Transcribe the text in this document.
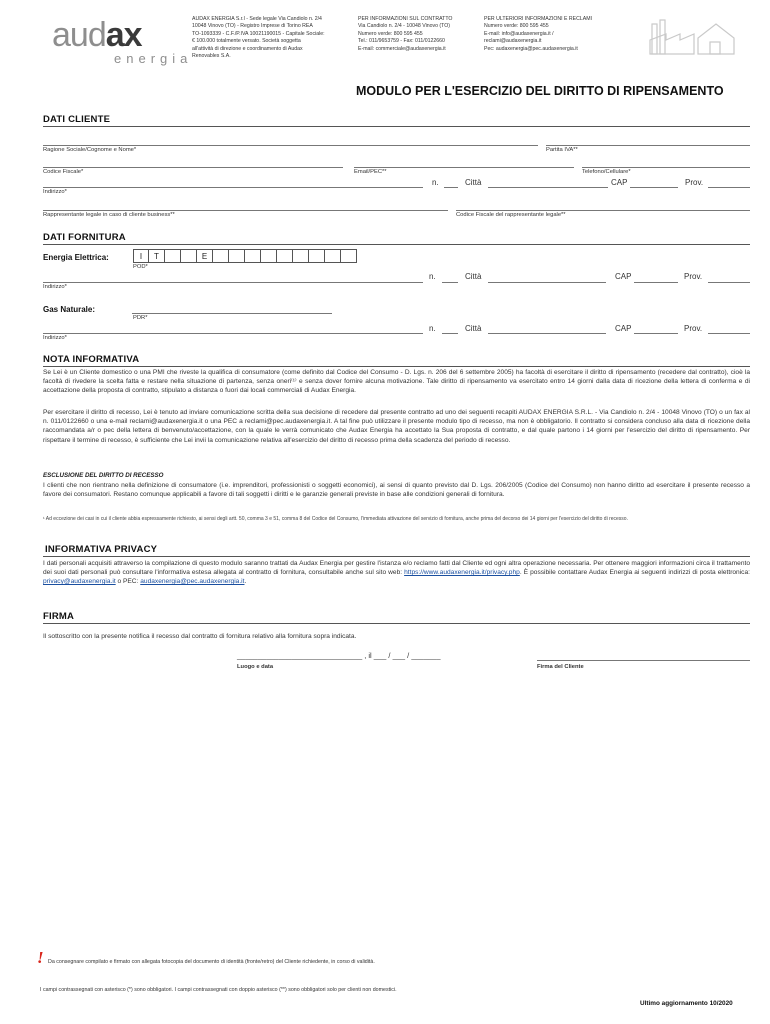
audax
energia
AUDAX ENERGIA S.r.l - Sede legale Via Candiolo n. 2/4
10048 Vinovo (TO) - Registro Imprese di Torino REA
TO-1093339 - C.F./P.IVA 10021190015 - Capitale Sociale:
€ 100.000 totalmente versato. Società soggetta
all'attività di direzione e coordinamento di Audax
Renovables S.A.
PER INFORMAZIONI SUL CONTRATTO
Via Candiolo n. 2/4 - 10048 Vinovo (TO)
Numero verde: 800 595 455
Tel.: 011/9653759 - Fax: 011/0122660
E-mail: commerciale@audaxenergia.it
PER ULTERIORI INFORMAZIONI E RECLAMI
Numero verde: 800 595 455
E-mail: info@audaxenergia.it /
reclami@audaxenergia.it
Pec: audaxenergia@pec.audaxenergia.it
MODULO PER L'ESERCIZIO DEL DIRITTO DI RIPENSAMENTO
DATI CLIENTE
Ragione Sociale/Cognome e Nome*	Partita IVA**
Codice Fiscale*	Email/PEC**	Telefono/Cellulare*
n.	Città	CAP	Prov.
Indirizzo*
Rappresentante legale in caso di cliente business**	Codice Fiscale del rappresentante legale**
DATI FORNITURA
Energia Elettrica:	I	T	E
POD*
n.	Città	CAP	Prov.
Indirizzo*
Gas Naturale:
PDR*
n.	Città	CAP	Prov.
Indirizzo*
NOTA INFORMATIVA
Se Lei è un Cliente domestico o una PMI che riveste la qualifica di consumatore (come definito dal Codice del Consumo - D. Lgs. n. 206 del 6 settembre 2005) ha facoltà di esercitare il diritto di ripensamento (recedere dal contratto), cioè la facoltà di rivedere la scelta fatta e restare nella situazione di partenza, senza oneri⁽¹⁾ e senza dover fornire alcuna motivazione. Tale diritto di ripensamento va esercitato entro 14 giorni dalla data di ricezione della lettera di conferma e di accettazione della proposta di contratto, stipulato a distanza o fuori dai locali commerciali di Audax Energia.
Per esercitare il diritto di recesso, Lei è tenuto ad inviare comunicazione scritta della sua decisione di recedere dal presente contratto ad uno dei seguenti recapiti AUDAX ENERGIA S.R.L. - Via Candiolo n. 2/4 - 10048 Vinovo (TO) o un fax al n. 011/0122660 o una e-mail reclami@audaxenergia.it o una PEC a reclami@pec.audaxenergia.it. A tal fine può utilizzare il presente modulo tipo di recesso, ma non è obbligatorio. Il contratto si considera concluso alla data di ricezione della raccomandata a/r o pec della lettera di benvenuto/accettazione, con la quale le verrà comunicato che Audax Energia ha accettato la Sua proposta di contratto, e dal quale partono i 14 giorni per l'esercizio del diritto di ripensamento. Per rispettare il termine di recesso, è sufficiente che Lei invii la comunicazione relativa all'esercizio del diritto di recesso prima della scadenza del periodo di recesso.
ESCLUSIONE DEL DIRITTO DI RECESSO
I clienti che non rientrano nella definizione di consumatore (i.e. imprenditori, professionisti o soggetti economici), ai sensi di quanto previsto dal D. Lgs. 206/2005 (Codice del Consumo) non hanno diritto ad esercitare il presente recesso a favore dei consumatori. Restano comunque applicabili a favore di tali soggetti i diritti e le garanzie generali previste in base alle condizioni generali di fornitura.
¹ Ad eccezione dei casi in cui il cliente abbia espressamente richiesto, ai sensi degli artt. 50, comma 3 e 51, comma 8 del Codice del Consumo, l'immediata attivazione del servizio di fornitura, anche prima del decorso dei 14 giorni per l'esercizio del diritto di recesso.
INFORMATIVA PRIVACY
I dati personali acquisiti attraverso la compilazione di questo modulo saranno trattati da Audax Energia per gestire l'istanza e/o reclamo fatti dal Cliente ed ogni altra operazione necessaria. Per ottenere maggiori informazioni circa il trattamento dei suoi dati personali può consultare l'informativa estesa allegata al contratto di fornitura, consultabile anche sul sito web: https://www.audaxenergia.it/privacy.php. È possibile contattare Audax Energia ai seguenti indirizzi di posta elettronica: privacy@audaxenergia.it o PEC: audaxenergia@pec.audaxenergia.it.
FIRMA
Il sottoscritto con la presente notifica il recesso dal contratto di fornitura relativo alla fornitura sopra indicata.
______________________________ , il ___ / ___ / _______
Luogo e data	Firma del Cliente
! Da consegnare compilato e firmato con allegata fotocopia del documento di identità (fronte/retro) del Cliente richiedente, in corso di validità.
I campi contrassegnati con asterisco (*) sono obbligatori. I campi contrassegnati con doppio asterisco (**) sono obbligatori solo per clienti non domestici.
Ultimo aggiornamento 10/2020
